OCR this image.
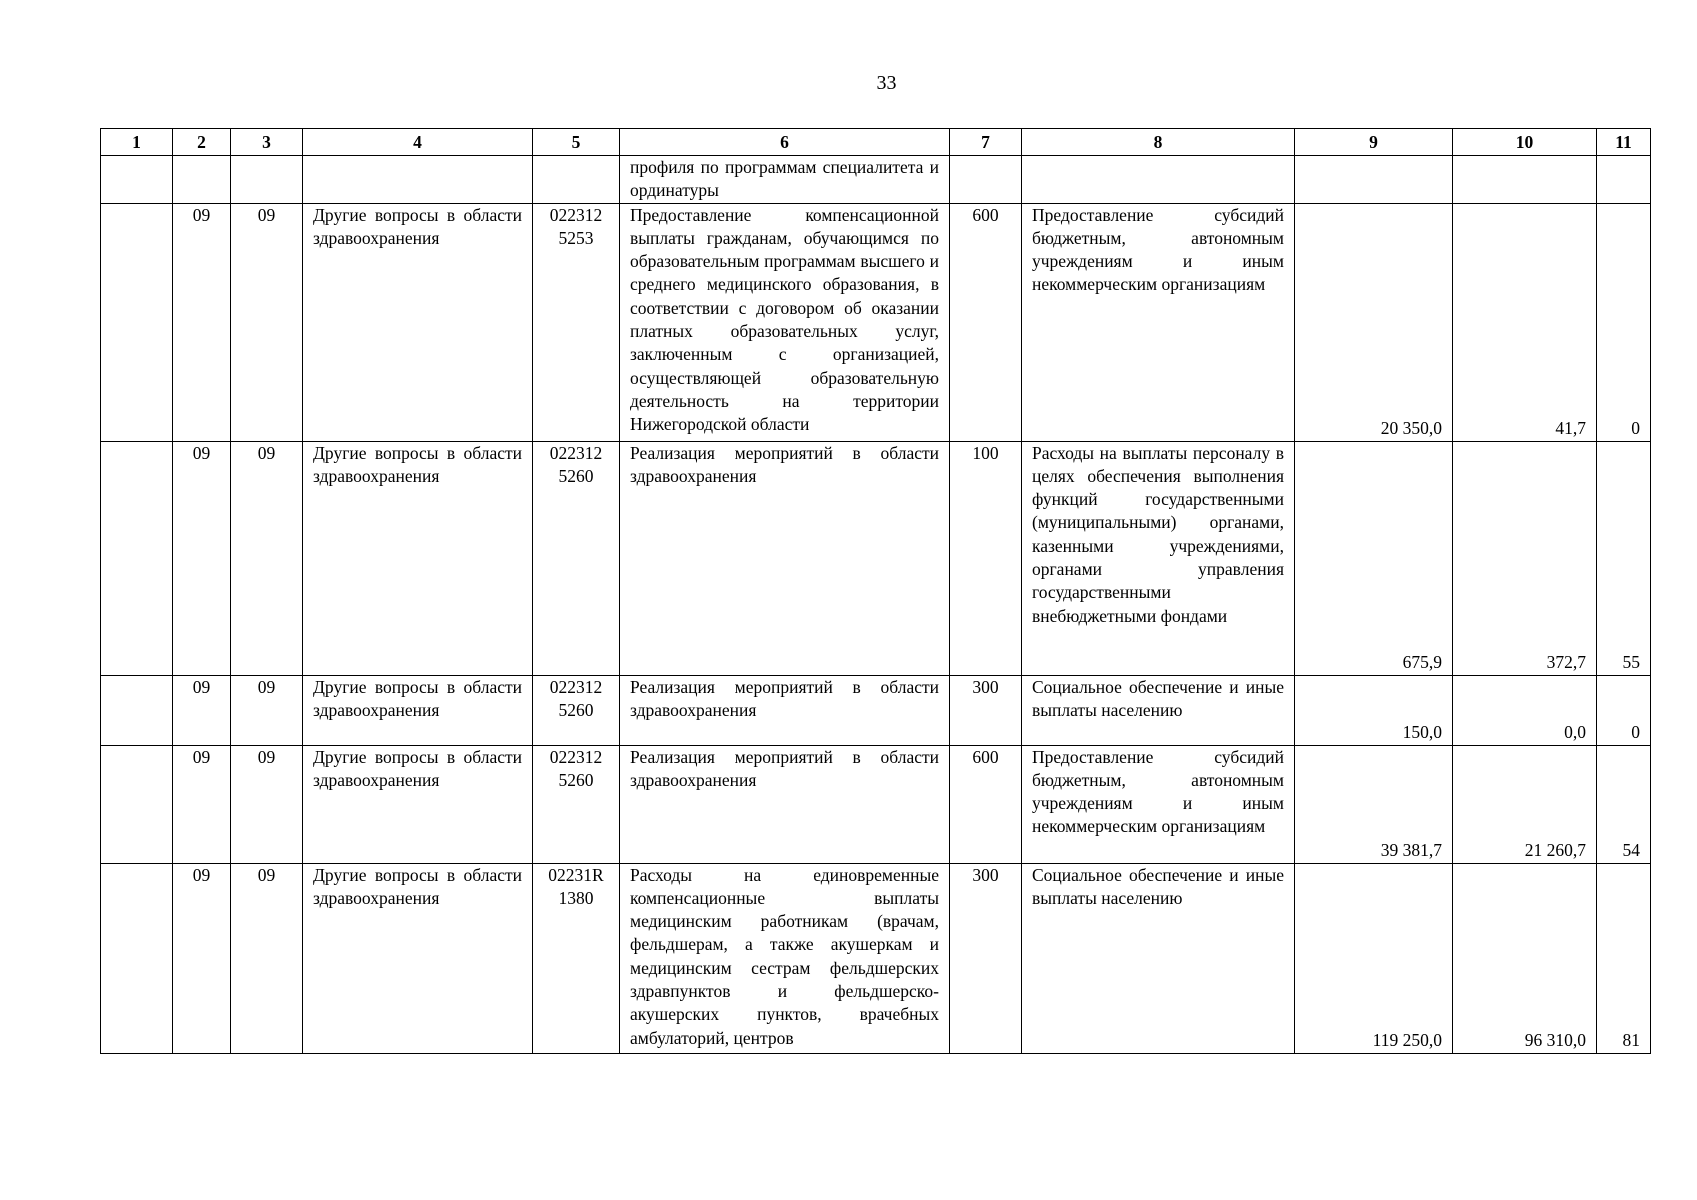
33
1	2	3	4	5	6	7	8	9	10	11
					профиля по программам специалитета и ординатуры					
	09	09	Другие вопросы в области здравоохранения	022312 5253	Предоставление компенсационной выплаты гражданам, обучающимся по образовательным программам высшего и среднего медицинского образования, в соответствии с договором об оказании платных образовательных услуг, заключенным с организацией, осуществляющей образовательную деятельность на территории Нижегородской области	600	Предоставление субсидий бюджетным, автономным учреждениям и иным некоммерческим организациям	20 350,0	41,7	0
	09	09	Другие вопросы в области здравоохранения	022312 5260	Реализация мероприятий в области здравоохранения	100	Расходы на выплаты персоналу в целях обеспечения выполнения функций государственными (муниципальными) органами, казенными учреждениями, органами управления государственными внебюджетными фондами	675,9	372,7	55
	09	09	Другие вопросы в области здравоохранения	022312 5260	Реализация мероприятий в области здравоохранения	300	Социальное обеспечение и иные выплаты населению	150,0	0,0	0
	09	09	Другие вопросы в области здравоохранения	022312 5260	Реализация мероприятий в области здравоохранения	600	Предоставление субсидий бюджетным, автономным учреждениям и иным некоммерческим организациям	39 381,7	21 260,7	54
	09	09	Другие вопросы в области здравоохранения	02231R 1380	Расходы на единовременные компенсационные выплаты медицинским работникам (врачам, фельдшерам, а также акушеркам и медицинским сестрам фельдшерских здравпунктов и фельдшерско-акушерских пунктов, врачебных амбулаторий, центров	300	Социальное обеспечение и иные выплаты населению	119 250,0	96 310,0	81
